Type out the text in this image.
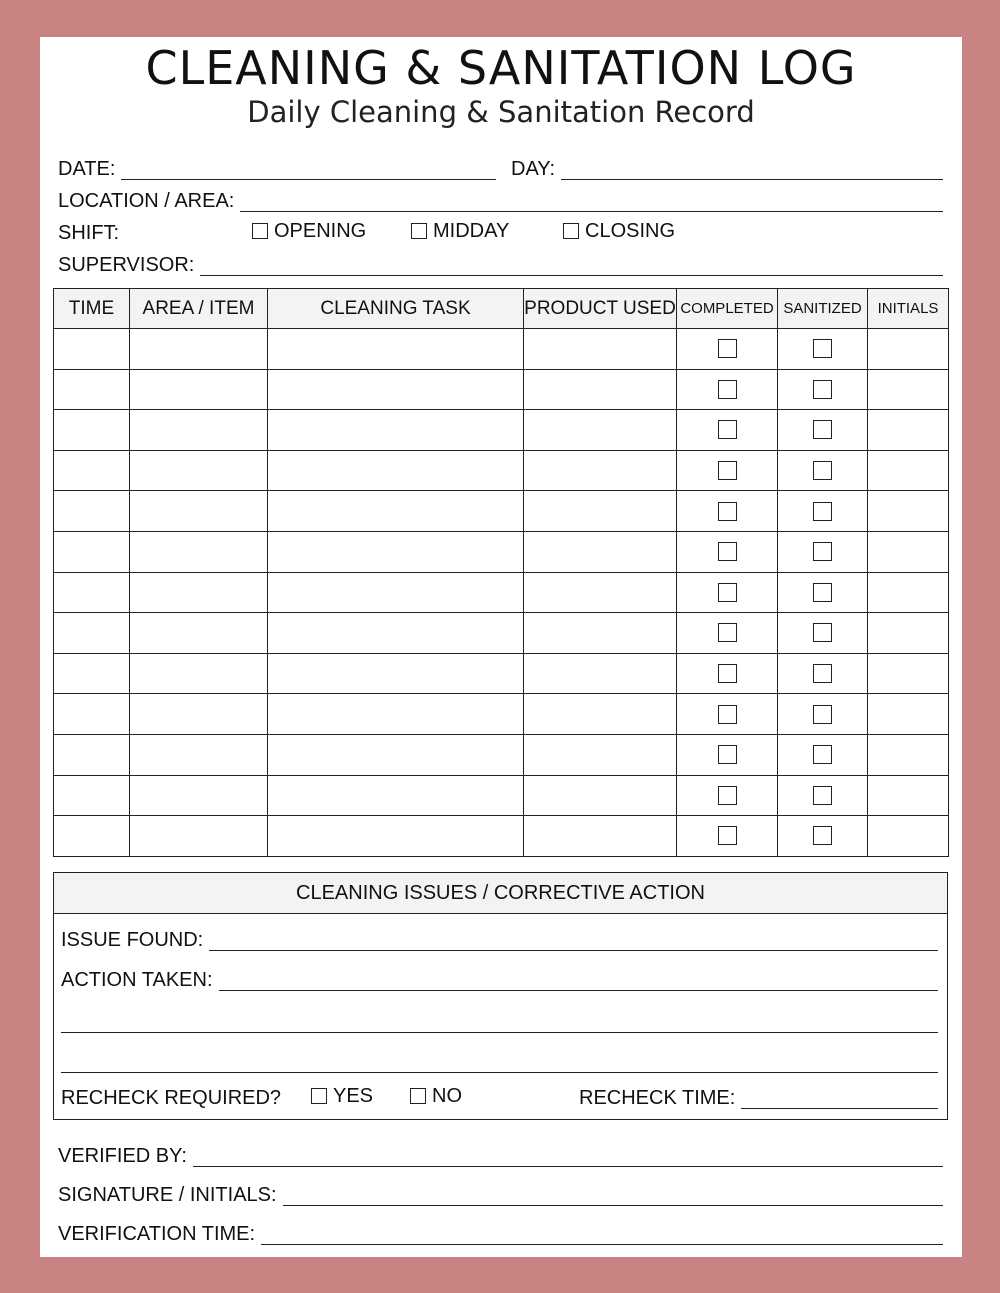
CLEANING & SANITATION LOG
Daily Cleaning & Sanitation Record
DATE:	DAY:
LOCATION / AREA:
SHIFT:	OPENING	MIDDAY	CLOSING
SUPERVISOR:
TIME	AREA / ITEM	CLEANING TASK	PRODUCT USED	COMPLETED	SANITIZED	INITIALS

CLEANING ISSUES / CORRECTIVE ACTION
ISSUE FOUND:
ACTION TAKEN:
RECHECK REQUIRED?	YES	NO	RECHECK TIME:
VERIFIED BY:
SIGNATURE / INITIALS:
VERIFICATION TIME:
